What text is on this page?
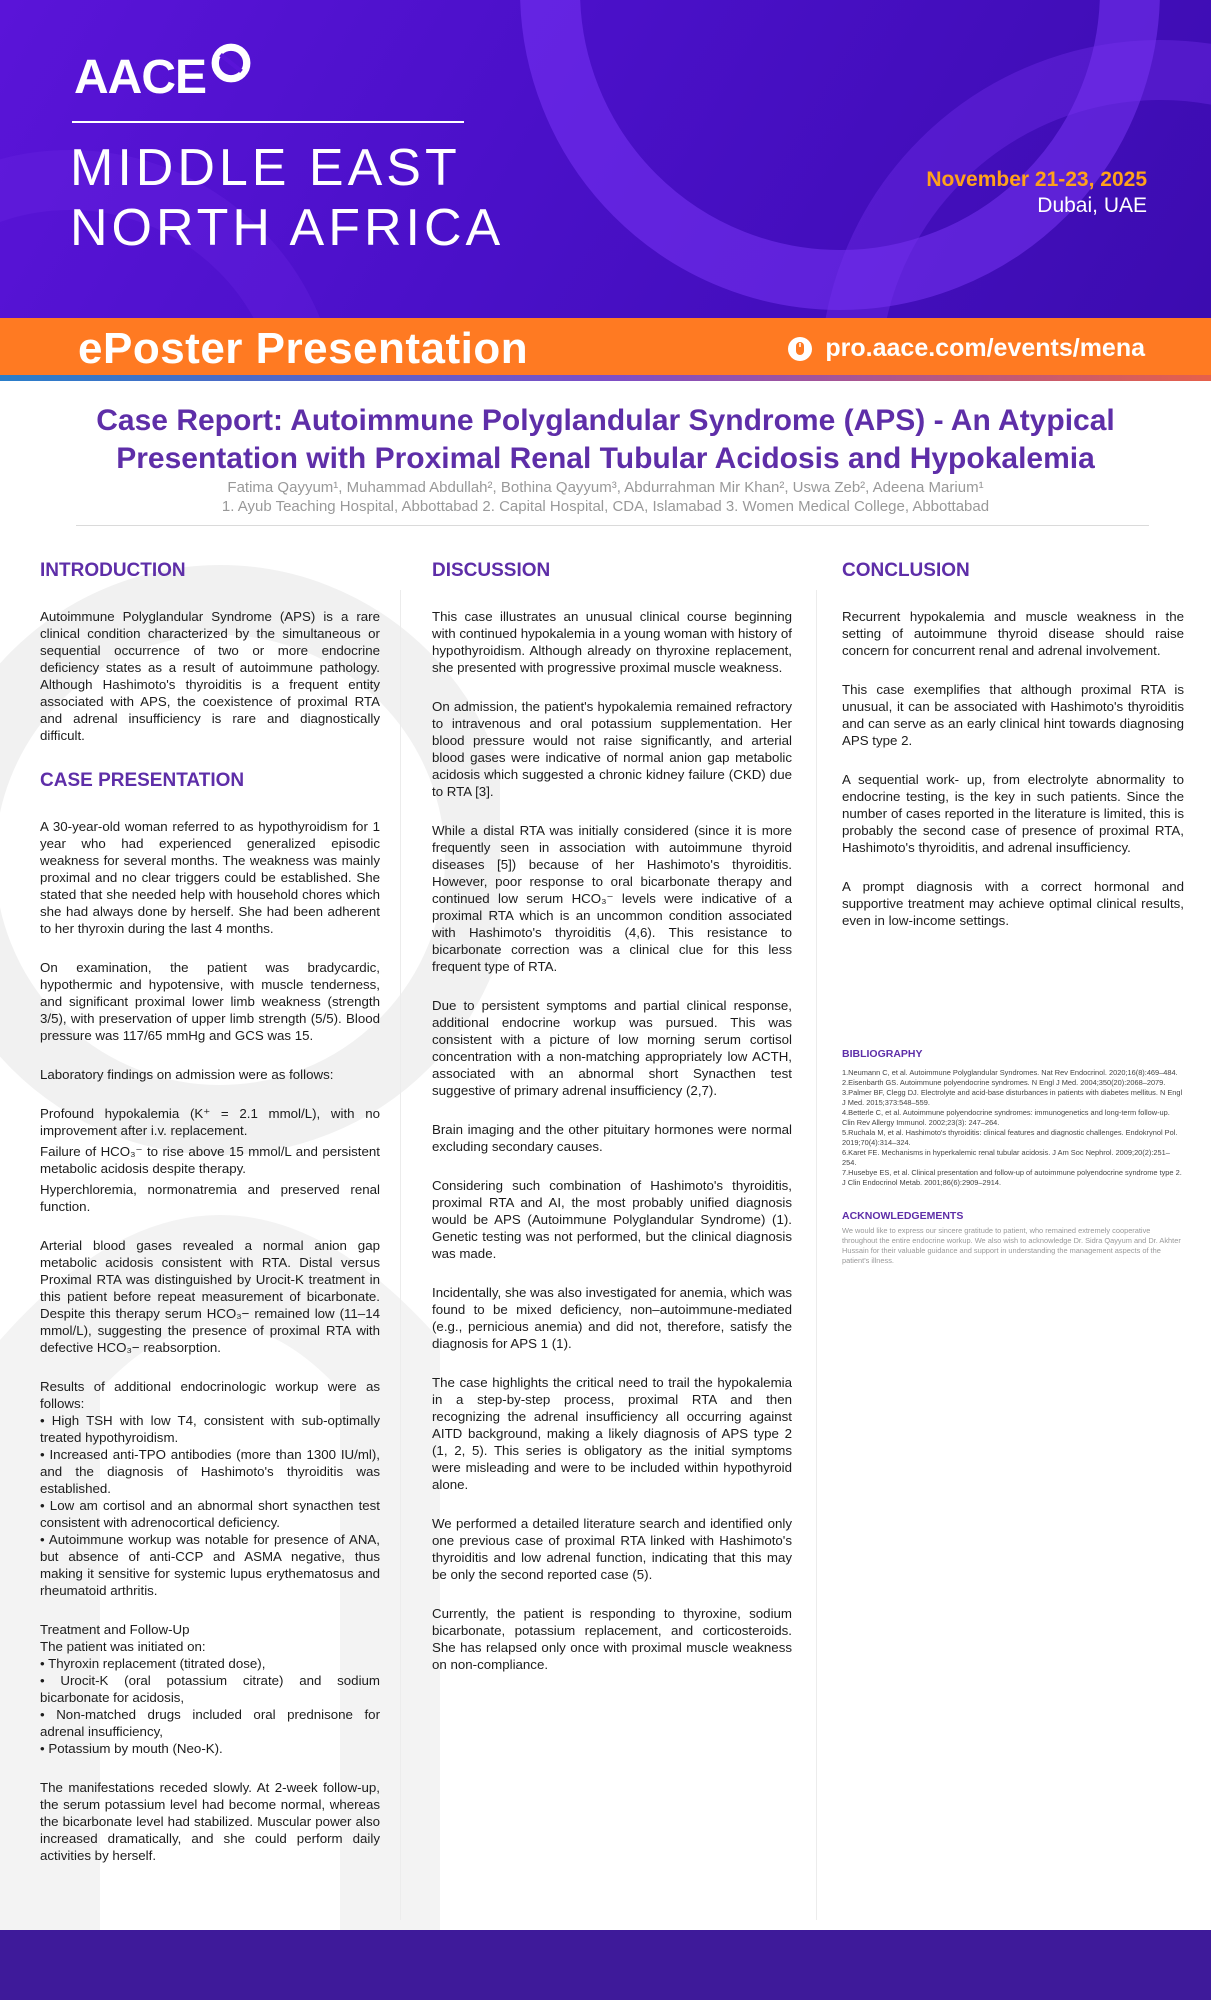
AACE
MIDDLE EAST
NORTH AFRICA
November 21-23, 2025
Dubai, UAE
ePoster Presentation	pro.aace.com/events/mena
Case Report: Autoimmune Polyglandular Syndrome (APS) - An Atypical Presentation with Proximal Renal Tubular Acidosis and Hypokalemia
Fatima Qayyum¹, Muhammad Abdullah², Bothina Qayyum³, Abdurrahman Mir Khan², Uswa Zeb², Adeena Marium¹
1. Ayub Teaching Hospital, Abbottabad 2. Capital Hospital, CDA, Islamabad 3. Women Medical College, Abbottabad
INTRODUCTION

Autoimmune Polyglandular Syndrome (APS) is a rare clinical condition characterized by the simultaneous or sequential occurrence of two or more endocrine deficiency states as a result of autoimmune pathology. Although Hashimoto's thyroiditis is a frequent entity associated with APS, the coexistence of proximal RTA and adrenal insufficiency is rare and diagnostically difficult.

CASE PRESENTATION

A 30-year-old woman referred to as hypothyroidism for 1 year who had experienced generalized episodic weakness for several months. The weakness was mainly proximal and no clear triggers could be established. She stated that she needed help with household chores which she had always done by herself. She had been adherent to her thyroxin during the last 4 months.

On examination, the patient was bradycardic, hypothermic and hypotensive, with muscle tenderness, and significant proximal lower limb weakness (strength 3/5), with preservation of upper limb strength (5/5). Blood pressure was 117/65 mmHg and GCS was 15.

Laboratory findings on admission were as follows:

Profound hypokalemia (K⁺ = 2.1 mmol/L), with no improvement after i.v. replacement.

Failure of HCO₃⁻ to rise above 15 mmol/L and persistent metabolic acidosis despite therapy.

Hyperchloremia, normonatremia and preserved renal function.

Arterial blood gases revealed a normal anion gap metabolic acidosis consistent with RTA. Distal versus Proximal RTA was distinguished by Urocit-K treatment in this patient before repeat measurement of bicarbonate. Despite this therapy serum HCO₃− remained low (11–14 mmol/L), suggesting the presence of proximal RTA with defective HCO₃− reabsorption.

Results of additional endocrinologic workup were as follows:

• High TSH with low T4, consistent with sub-optimally treated hypothyroidism.

• Increased anti-TPO antibodies (more than 1300 IU/ml), and the diagnosis of Hashimoto's thyroiditis was established.

• Low am cortisol and an abnormal short synacthen test consistent with adrenocortical deficiency.

• Autoimmune workup was notable for presence of ANA, but absence of anti-CCP and ASMA negative, thus making it sensitive for systemic lupus erythematosus and rheumatoid arthritis.

Treatment and Follow-Up

The patient was initiated on:

• Thyroxin replacement (titrated dose),

• Urocit-K (oral potassium citrate) and sodium bicarbonate for acidosis,

• Non-matched drugs included oral prednisone for adrenal insufficiency,

• Potassium by mouth (Neo-K).

The manifestations receded slowly. At 2-week follow-up, the serum potassium level had become normal, whereas the bicarbonate level had stabilized. Muscular power also increased dramatically, and she could perform daily activities by herself.

DISCUSSION

This case illustrates an unusual clinical course beginning with continued hypokalemia in a young woman with history of hypothyroidism. Although already on thyroxine replacement, she presented with progressive proximal muscle weakness.

On admission, the patient's hypokalemia remained refractory to intravenous and oral potassium supplementation. Her blood pressure would not raise significantly, and arterial blood gases were indicative of normal anion gap metabolic acidosis which suggested a chronic kidney failure (CKD) due to RTA [3].

While a distal RTA was initially considered (since it is more frequently seen in association with autoimmune thyroid diseases [5]) because of her Hashimoto's thyroiditis. However, poor response to oral bicarbonate therapy and continued low serum HCO₃⁻ levels were indicative of a proximal RTA which is an uncommon condition associated with Hashimoto's thyroiditis (4,6). This resistance to bicarbonate correction was a clinical clue for this less frequent type of RTA.

Due to persistent symptoms and partial clinical response, additional endocrine workup was pursued. This was consistent with a picture of low morning serum cortisol concentration with a non-matching appropriately low ACTH, associated with an abnormal short Synacthen test suggestive of primary adrenal insufficiency (2,7).

Brain imaging and the other pituitary hormones were normal excluding secondary causes.

Considering such combination of Hashimoto's thyroiditis, proximal RTA and AI, the most probably unified diagnosis would be APS (Autoimmune Polyglandular Syndrome) (1). Genetic testing was not performed, but the clinical diagnosis was made.

Incidentally, she was also investigated for anemia, which was found to be mixed deficiency, non–autoimmune-mediated (e.g., pernicious anemia) and did not, therefore, satisfy the diagnosis for APS 1 (1).

The case highlights the critical need to trail the hypokalemia in a step-by-step process, proximal RTA and then recognizing the adrenal insufficiency all occurring against AITD background, making a likely diagnosis of APS type 2 (1, 2, 5). This series is obligatory as the initial symptoms were misleading and were to be included within hypothyroid alone.

We performed a detailed literature search and identified only one previous case of proximal RTA linked with Hashimoto's thyroiditis and low adrenal function, indicating that this may be only the second reported case (5).

Currently, the patient is responding to thyroxine, sodium bicarbonate, potassium replacement, and corticosteroids. She has relapsed only once with proximal muscle weakness on non-compliance.

CONCLUSION

Recurrent hypokalemia and muscle weakness in the setting of autoimmune thyroid disease should raise concern for concurrent renal and adrenal involvement.

This case exemplifies that although proximal RTA is unusual, it can be associated with Hashimoto's thyroiditis and can serve as an early clinical hint towards diagnosing APS type 2.

A sequential work- up, from electrolyte abnormality to endocrine testing, is the key in such patients. Since the number of cases reported in the literature is limited, this is probably the second case of presence of proximal RTA, Hashimoto's thyroiditis, and adrenal insufficiency.

A prompt diagnosis with a correct hormonal and supportive treatment may achieve optimal clinical results, even in low-income settings.

BIBLIOGRAPHY

1.Neumann C, et al. Autoimmune Polyglandular Syndromes. Nat Rev Endocrinol. 2020;16(8):469–484.

2.Eisenbarth GS. Autoimmune polyendocrine syndromes. N Engl J Med. 2004;350(20):2068–2079.

3.Palmer BF, Clegg DJ. Electrolyte and acid-base disturbances in patients with diabetes mellitus. N Engl J Med. 2015;373:548–559.

4.Betterle C, et al. Autoimmune polyendocrine syndromes: immunogenetics and long-term follow-up. Clin Rev Allergy Immunol. 2002;23(3): 247–264.

5.Ruchala M, et al. Hashimoto's thyroiditis: clinical features and diagnostic challenges. Endokrynol Pol. 2019;70(4):314–324.

6.Karet FE. Mechanisms in hyperkalemic renal tubular acidosis. J Am Soc Nephrol. 2009;20(2):251–254.

7.Husebye ES, et al. Clinical presentation and follow-up of autoimmune polyendocrine syndrome type 2. J Clin Endocrinol Metab. 2001;86(6):2909–2914.

ACKNOWLEDGEMENTS

We would like to express our sincere gratitude to patient, who remained extremely cooperative throughout the entire endocrine workup. We also wish to acknowledge Dr. Sidra Qayyum and Dr. Akhter Hussain for their valuable guidance and support in understanding the management aspects of the patient's illness.
